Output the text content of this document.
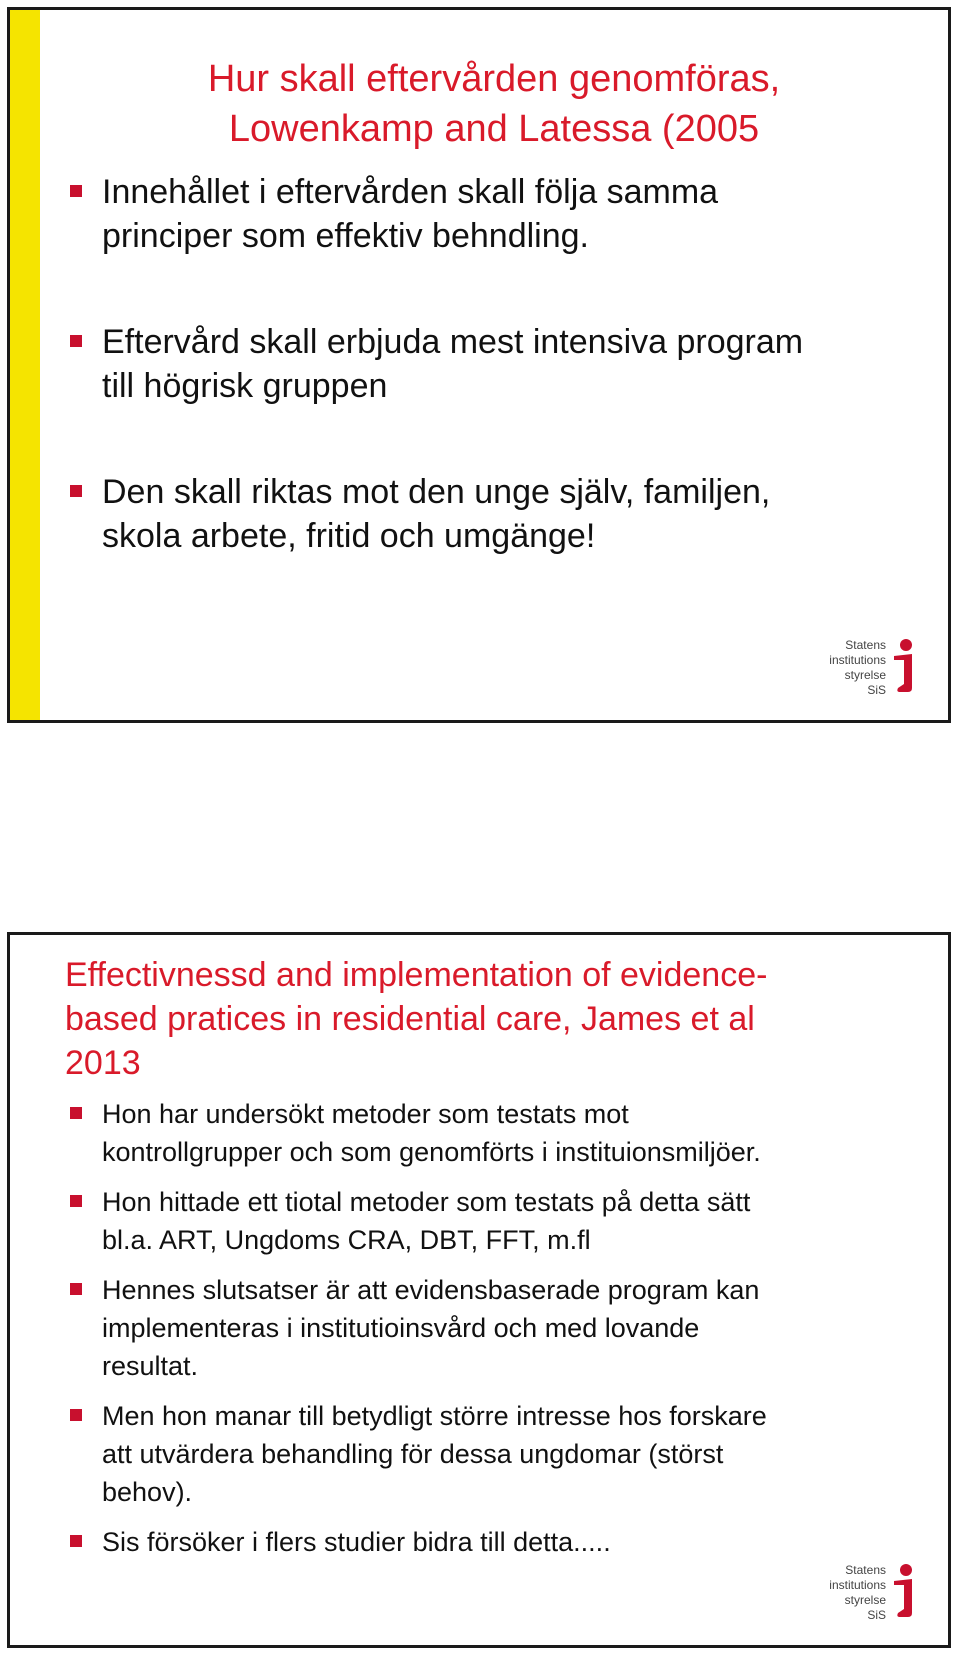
Hur skall eftervården genomföras,
Lowenkamp and Latessa (2005
Innehållet i eftervården skall följa samma
principer som effektiv behndling.
Eftervård skall erbjuda mest intensiva program
till högrisk gruppen
Den skall riktas mot den unge själv, familjen,
skola arbete, fritid och umgänge!
Statens
institutions
styrelse SiS
Effectivnessd and implementation of evidence-
based pratices in residential care, James et al
2013
Hon har undersökt metoder som testats mot
kontrollgrupper och som genomförts i instituionsmiljöer.
Hon hittade ett tiotal metoder som testats på detta sätt
bl.a. ART, Ungdoms CRA, DBT, FFT, m.fl
Hennes slutsatser är att evidensbaserade program kan
implementeras i institutioinsvård och med lovande
resultat.
Men hon manar till betydligt större intresse hos forskare
att utvärdera behandling för dessa ungdomar (störst
behov).
Sis försöker i flers studier bidra till detta.....
Statens
institutions
styrelse SiS
